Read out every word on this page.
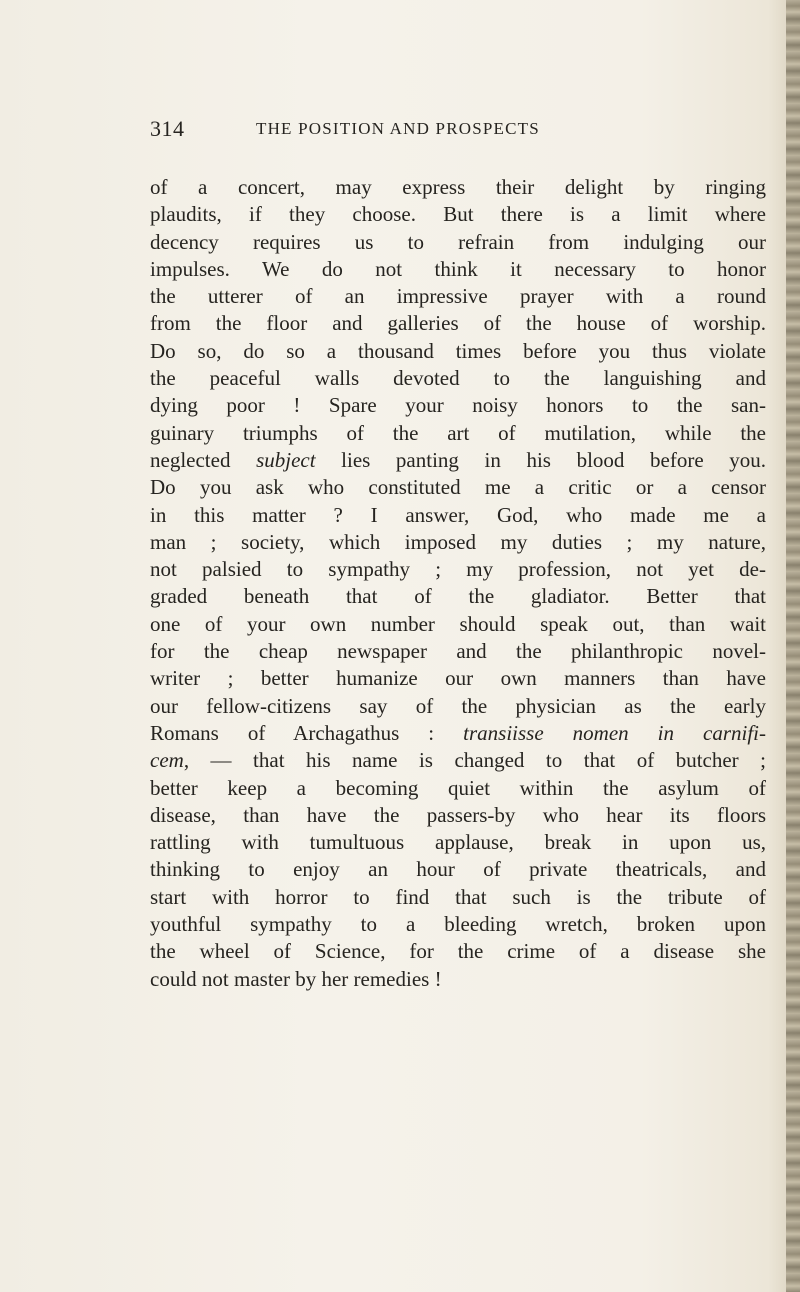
314	THE POSITION AND PROSPECTS
of a concert, may express their delight by ringing
plaudits, if they choose. But there is a limit where
decency requires us to refrain from indulging our
impulses. We do not think it necessary to honor
the utterer of an impressive prayer with a round
from the floor and galleries of the house of worship.
Do so, do so a thousand times before you thus violate
the peaceful walls devoted to the languishing and
dying poor ! Spare your noisy honors to the san-
guinary triumphs of the art of mutilation, while the
neglected subject lies panting in his blood before you.
Do you ask who constituted me a critic or a censor
in this matter ? I answer, God, who made me a
man ; society, which imposed my duties ; my nature,
not palsied to sympathy ; my profession, not yet de-
graded beneath that of the gladiator. Better that
one of your own number should speak out, than wait
for the cheap newspaper and the philanthropic novel-
writer ; better humanize our own manners than have
our fellow-citizens say of the physician as the early
Romans of Archagathus : transiisse nomen in carnifi-
cem, — that his name is changed to that of butcher ;
better keep a becoming quiet within the asylum of
disease, than have the passers-by who hear its floors
rattling with tumultuous applause, break in upon us,
thinking to enjoy an hour of private theatricals, and
start with horror to find that such is the tribute of
youthful sympathy to a bleeding wretch, broken upon
the wheel of Science, for the crime of a disease she
could not master by her remedies !
